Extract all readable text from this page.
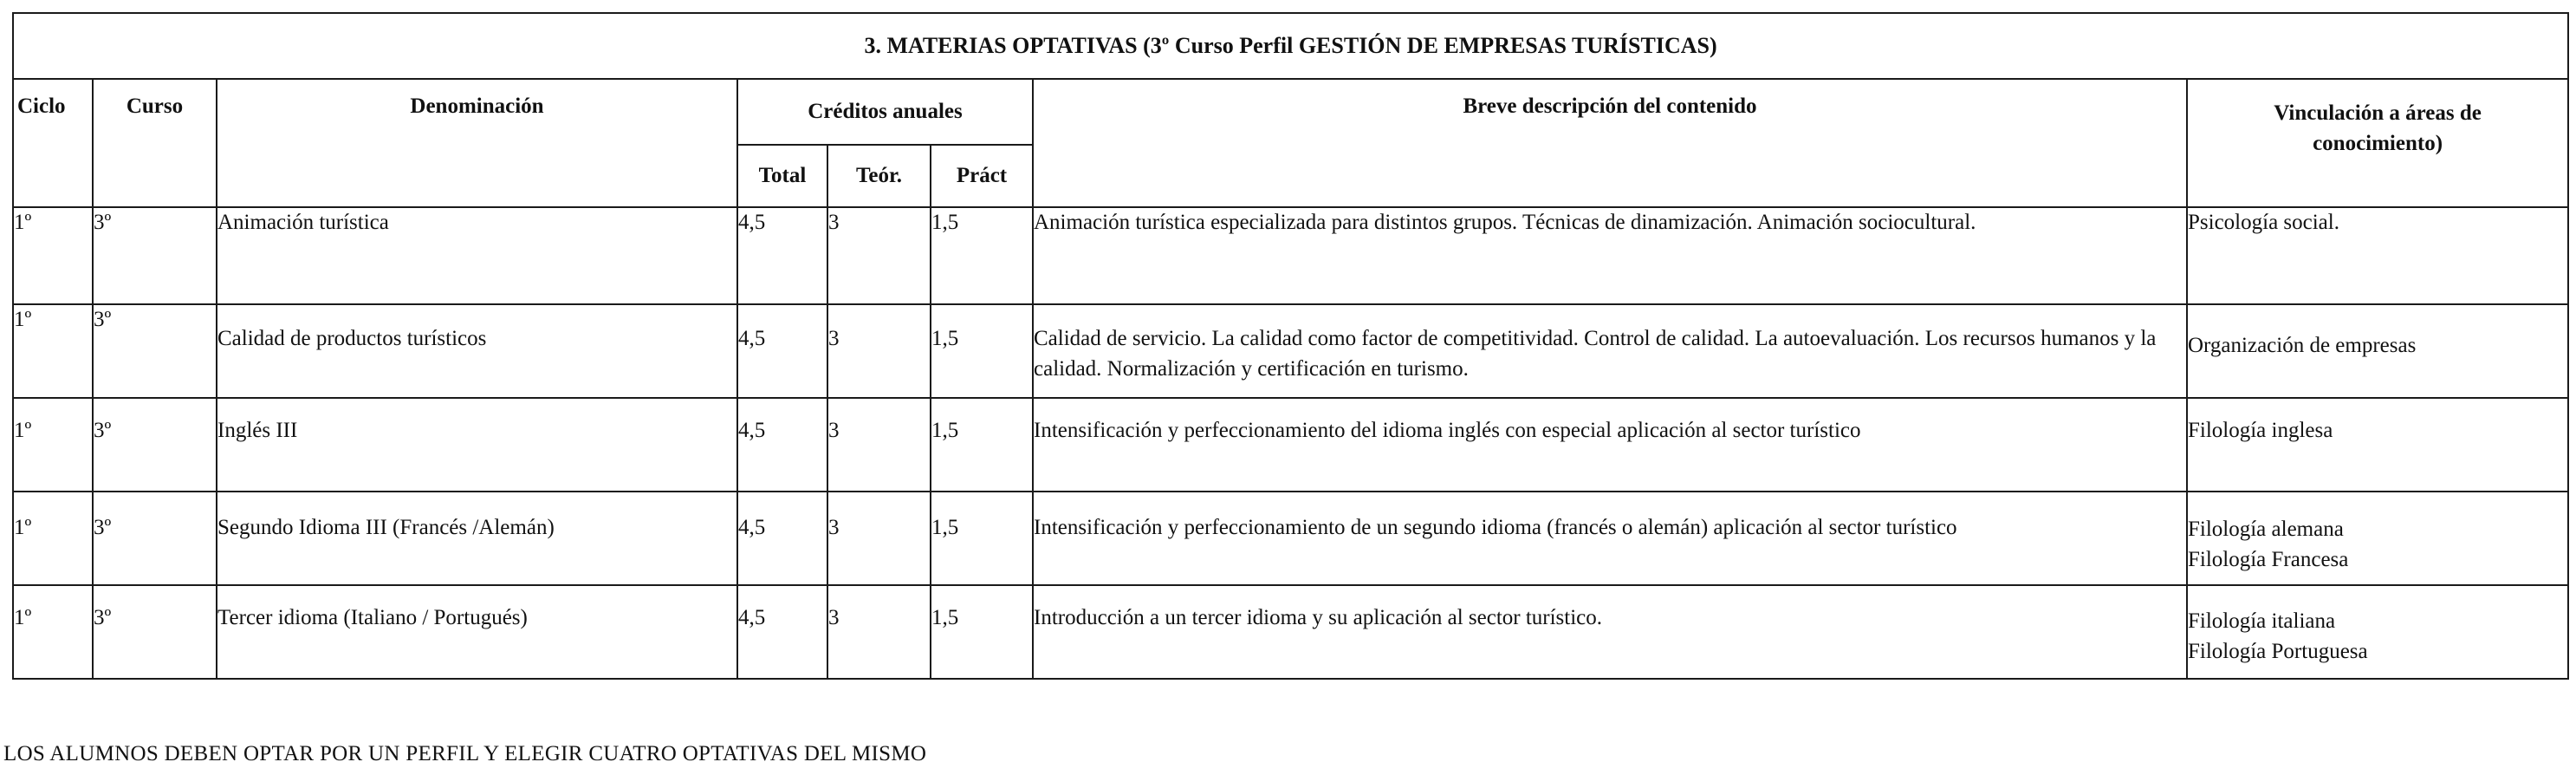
3. MATERIAS OPTATIVAS (3º Curso Perfil GESTIÓN DE EMPRESAS TURÍSTICAS)							
Ciclo	Curso	Denominación	Créditos anuales			Breve descripción del contenido	Vinculación a áreas de conocimiento)
			Total	Teór.	Práct		
1º	3º	Animación turística	4,5	3	1,5	Animación turística especializada para distintos grupos. Técnicas de dinamización. Animación sociocultural.	Psicología social.
1º	3º	Calidad de productos turísticos	4,5	3	1,5	Calidad de servicio. La calidad como factor de competitividad. Control de calidad. La autoevaluación. Los recursos humanos y la calidad. Normalización y certificación en turismo.	Organización de empresas
1º	3º	Inglés III	4,5	3	1,5	Intensificación y perfeccionamiento del idioma inglés con especial aplicación al sector turístico	Filología inglesa
1º	3º	Segundo Idioma III (Francés /Alemán)	4,5	3	1,5	Intensificación y perfeccionamiento de un segundo idioma (francés o alemán) aplicación al sector turístico	Filología alemana
Filología Francesa
1º	3º	Tercer idioma (Italiano / Portugués)	4,5	3	1,5	Introducción a un tercer idioma y su aplicación al sector turístico.	Filología italiana
Filología Portuguesa
LOS ALUMNOS DEBEN OPTAR POR UN PERFIL Y ELEGIR CUATRO OPTATIVAS DEL MISMO
